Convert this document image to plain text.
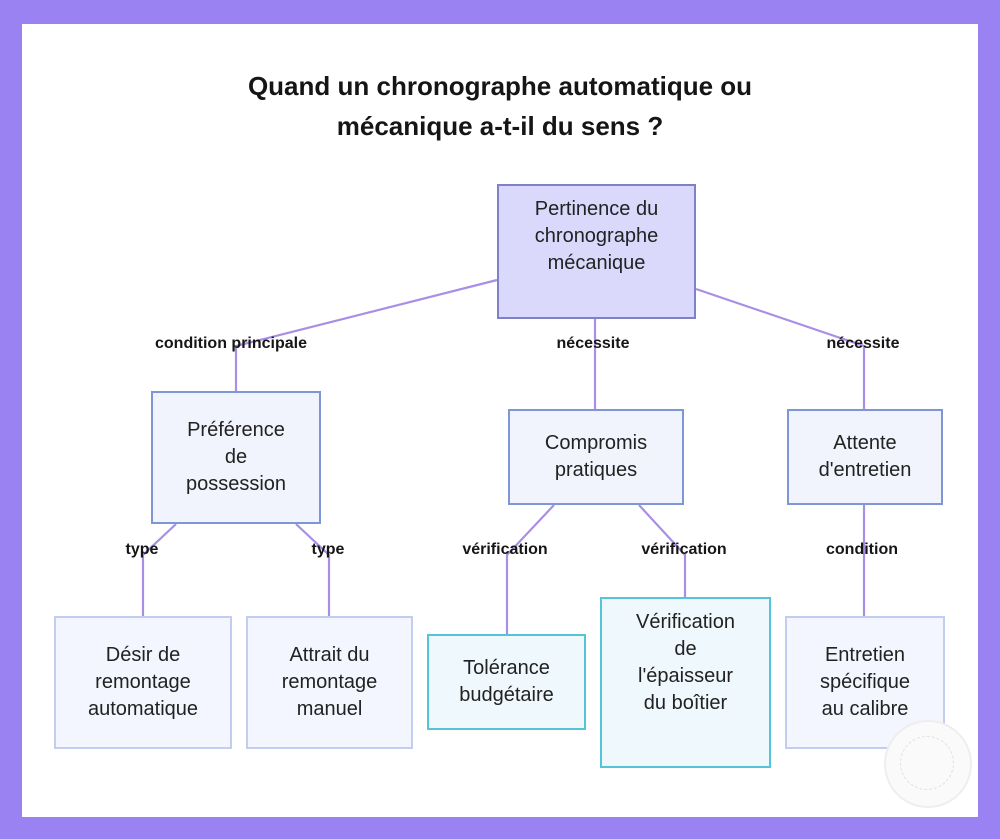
Quand un chronographe automatique ou
mécanique a-t-il du sens ?
Pertinence du
chronographe
mécanique
Préférence
de
possession
Compromis
pratiques
Attente
d'entretien
Désir de
remontage
automatique
Attrait du
remontage
manuel
Tolérance
budgétaire
Vérification
de
l'épaisseur
du boîtier
Entretien
spécifique
au calibre
condition principale	nécessite	nécessite
type	type	vérification	vérification	condition
